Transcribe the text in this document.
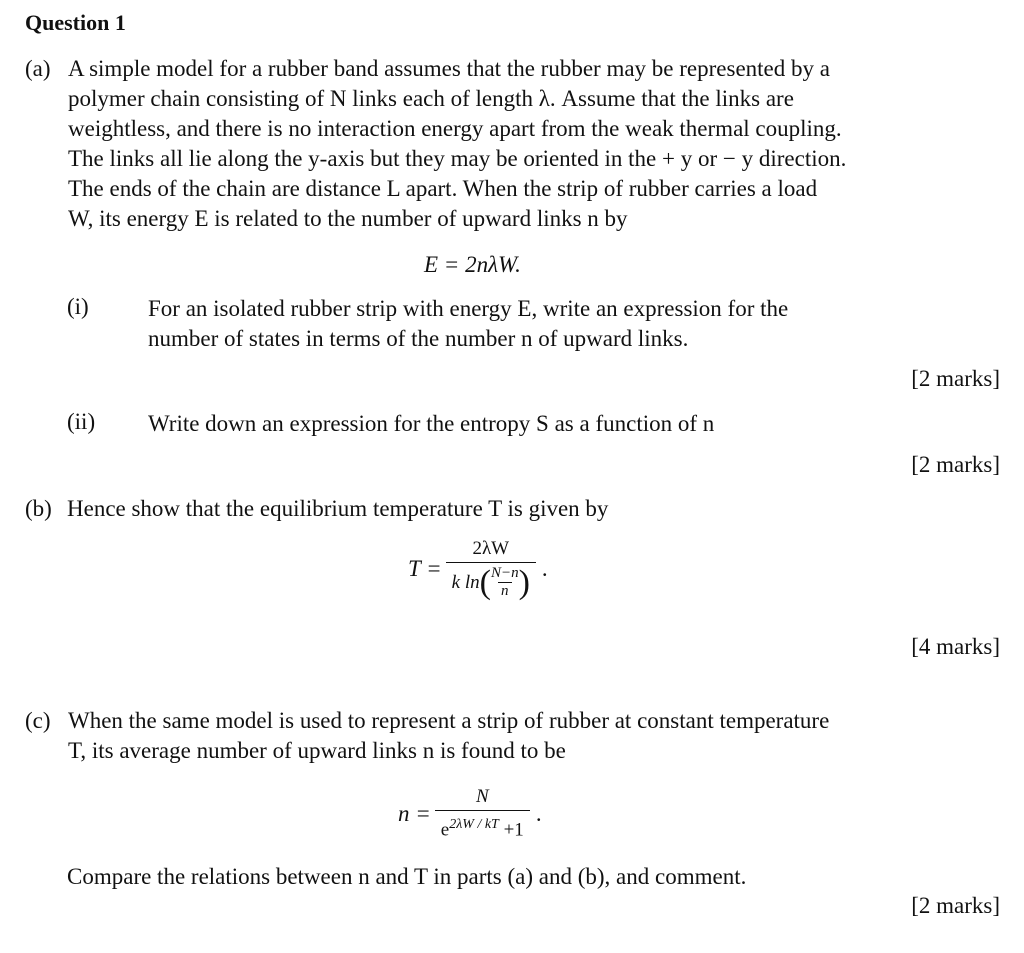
Question 1
(a) A simple model for a rubber band assumes that the rubber may be represented by a
polymer chain consisting of N links each of length λ. Assume that the links are
weightless, and there is no interaction energy apart from the weak thermal coupling.
The links all lie along the y-axis but they may be oriented in the + y or − y direction.
The ends of the chain are distance L apart. When the strip of rubber carries a load
W, its energy E is related to the number of upward links n by
E = 2nλW.
(i)	For an isolated rubber strip with energy E, write an expression for the
number of states in terms of the number n of upward links.
[2 marks]
(ii) Write down an expression for the entropy S as a function of n
[2 marks]
(b) Hence show that the equilibrium temperature T is given by
$T = \frac{2\lambda W}{k \ln ( \frac{N-n}{n} )}$ .
[4 marks]
(c) When the same model is used to represent a strip of rubber at constant temperature
T, its average number of upward links n is found to be
$n = \frac{N}{e^{2\lambda W / kT} +1}$ .
Compare the relations between n and T in parts (a) and (b), and comment.
[2 marks]
